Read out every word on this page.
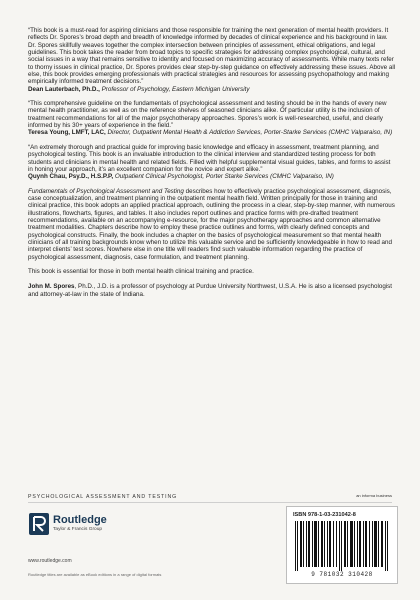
“This book is a must-read for aspiring clinicians and those responsible for training the next generation of mental health providers. It reflects Dr. Spores’s broad depth and breadth of knowledge informed by decades of clinical experience and his background in law. Dr. Spores skillfully weaves together the complex intersection between principles of assessment, ethical obligations, and legal guidelines. This book takes the reader from broad topics to specific strategies for addressing complex psychological, cultural, and social issues in a way that remains sensitive to identity and focused on maximizing accuracy of assessments. While many texts refer to thorny issues in clinical practice, Dr. Spores provides clear step-by-step guidance on effectively addressing these issues. Above all else, this book provides emerging professionals with practical strategies and resources for assessing psychopathology and making empirically informed treatment decisions.”

Dean Lauterbach, Ph.D., Professor of Psychology, Eastern Michigan University

“This comprehensive guideline on the fundamentals of psychological assessment and testing should be in the hands of every new mental health practitioner, as well as on the reference shelves of seasoned clinicians alike. Of particular utility is the inclusion of treatment recommendations for all of the major psychotherapy approaches. Spores’s work is well-researched, useful, and clearly informed by his 30+ years of experience in the field.”

Teresa Young, LMFT, LAC, Director, Outpatient Mental Health & Addiction Services, Porter-Starke Services (CMHC Valparaiso, IN)

“An extremely thorough and practical guide for improving basic knowledge and efficacy in assessment, treatment planning, and psychological testing. This book is an invaluable introduction to the clinical interview and standardized testing process for both students and clinicians in mental health and related fields. Filled with helpful supplemental visual guides, tables, and forms to assist in honing your approach, it’s an excellent companion for the novice and expert alike.”

Quynh Chau, Psy.D., H.S.P.P, Outpatient Clinical Psychologist, Porter Starke Services (CMHC Valparaiso, IN)

Fundamentals of Psychological Assessment and Testing describes how to effectively practice psychological assessment, diagnosis, case conceptualization, and treatment planning in the outpatient mental health field. Written principally for those in training and clinical practice, this book adopts an applied practical approach, outlining the process in a clear, step-by-step manner, with numerous illustrations, flowcharts, figures, and tables. It also includes report outlines and practice forms with pre-drafted treatment recommendations, available on an accompanying e-resource, for the major psychotherapy approaches and common alternative treatment modalities. Chapters describe how to employ these practice outlines and forms, with clearly defined concepts and psychological constructs. Finally, the book includes a chapter on the basics of psychological measurement so that mental health clinicians of all training backgrounds know when to utilize this valuable service and be sufficiently knowledgeable in how to read and interpret clients’ test scores. Nowhere else in one title will readers find such valuable information regarding the practice of psychological assessment, diagnosis, case formulation, and treatment planning.

This book is essential for those in both mental health clinical training and practice.

John M. Spores, Ph.D., J.D. is a professor of psychology at Purdue University Northwest, U.S.A. He is also a licensed psychologist and attorney-at-law in the state of Indiana.

PSYCHOLOGICAL ASSESSMENT AND TESTING	an informa business
Routledge
Taylor & Francis Group
www.routledge.com
Routledge titles are available as eBook editions in a range of digital formats
ISBN 978-1-03-231042-8
9 781032 310428
